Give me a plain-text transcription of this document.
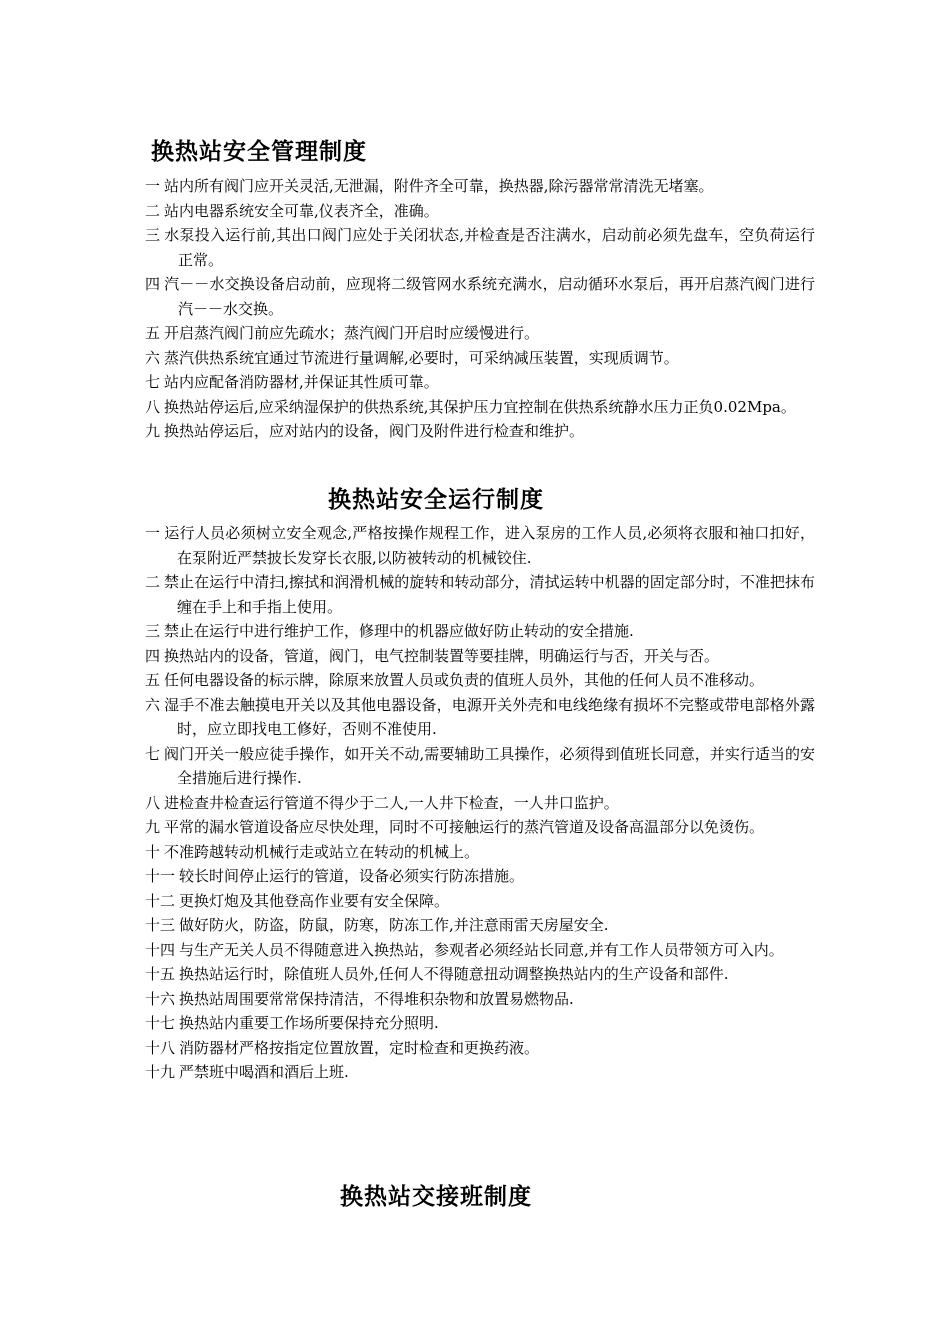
换热站安全管理制度
一 站内所有阀门应开关灵活,无泄漏，附件齐全可靠，换热器,除污器常常清洗无堵塞。
二 站内电器系统安全可靠,仪表齐全，准确。
三 水泵投入运行前,其出口阀门应处于关闭状态,并检查是否注满水，启动前必须先盘车，空负荷运行正常。
四 汽－－水交换设备启动前，应现将二级管网水系统充满水，启动循环水泵后，再开启蒸汽阀门进行汽－－水交换。
五 开启蒸汽阀门前应先疏水；蒸汽阀门开启时应缓慢进行。
六 蒸汽供热系统宜通过节流进行量调解,必要时，可采纳减压装置，实现质调节。
七 站内应配备消防器材,并保证其性质可靠。
八 换热站停运后,应采纳湿保护的供热系统,其保护压力宜控制在供热系统静水压力正负0.02Mpa。
九 换热站停运后，应对站内的设备，阀门及附件进行检查和维护。
换热站安全运行制度
一 运行人员必须树立安全观念,严格按操作规程工作，进入泵房的工作人员,必须将衣服和袖口扣好，在泵附近严禁披长发穿长衣服,以防被转动的机械铰住.
二 禁止在运行中清扫,擦拭和润滑机械的旋转和转动部分，清拭运转中机器的固定部分时，不准把抹布缠在手上和手指上使用。
三 禁止在运行中进行维护工作，修理中的机器应做好防止转动的安全措施.
四 换热站内的设备，管道，阀门，电气控制装置等要挂牌，明确运行与否，开关与否。
五 任何电器设备的标示牌，除原来放置人员或负责的值班人员外，其他的任何人员不准移动。
六 湿手不准去触摸电开关以及其他电器设备，电源开关外壳和电线绝缘有损坏不完整或带电部格外露时，应立即找电工修好，否则不准使用.
七 阀门开关一般应徒手操作，如开关不动,需要辅助工具操作，必须得到值班长同意，并实行适当的安全措施后进行操作.
八 进检查井检查运行管道不得少于二人,一人井下检查，一人井口监护。
九 平常的漏水管道设备应尽快处理，同时不可接触运行的蒸汽管道及设备高温部分以免烫伤。
十 不准跨越转动机械行走或站立在转动的机械上。
十一 较长时间停止运行的管道，设备必须实行防冻措施。
十二 更换灯炮及其他登高作业要有安全保障。
十三 做好防火，防盗，防鼠，防寒，防冻工作,并注意雨雷天房屋安全.
十四 与生产无关人员不得随意进入换热站，参观者必须经站长同意,并有工作人员带领方可入内。
十五 换热站运行时，除值班人员外,任何人不得随意扭动调整换热站内的生产设备和部件.
十六 换热站周围要常常保持清洁，不得堆积杂物和放置易燃物品.
十七 换热站内重要工作场所要保持充分照明.
十八 消防器材严格按指定位置放置，定时检查和更换药液。
十九 严禁班中喝酒和酒后上班.
换热站交接班制度
